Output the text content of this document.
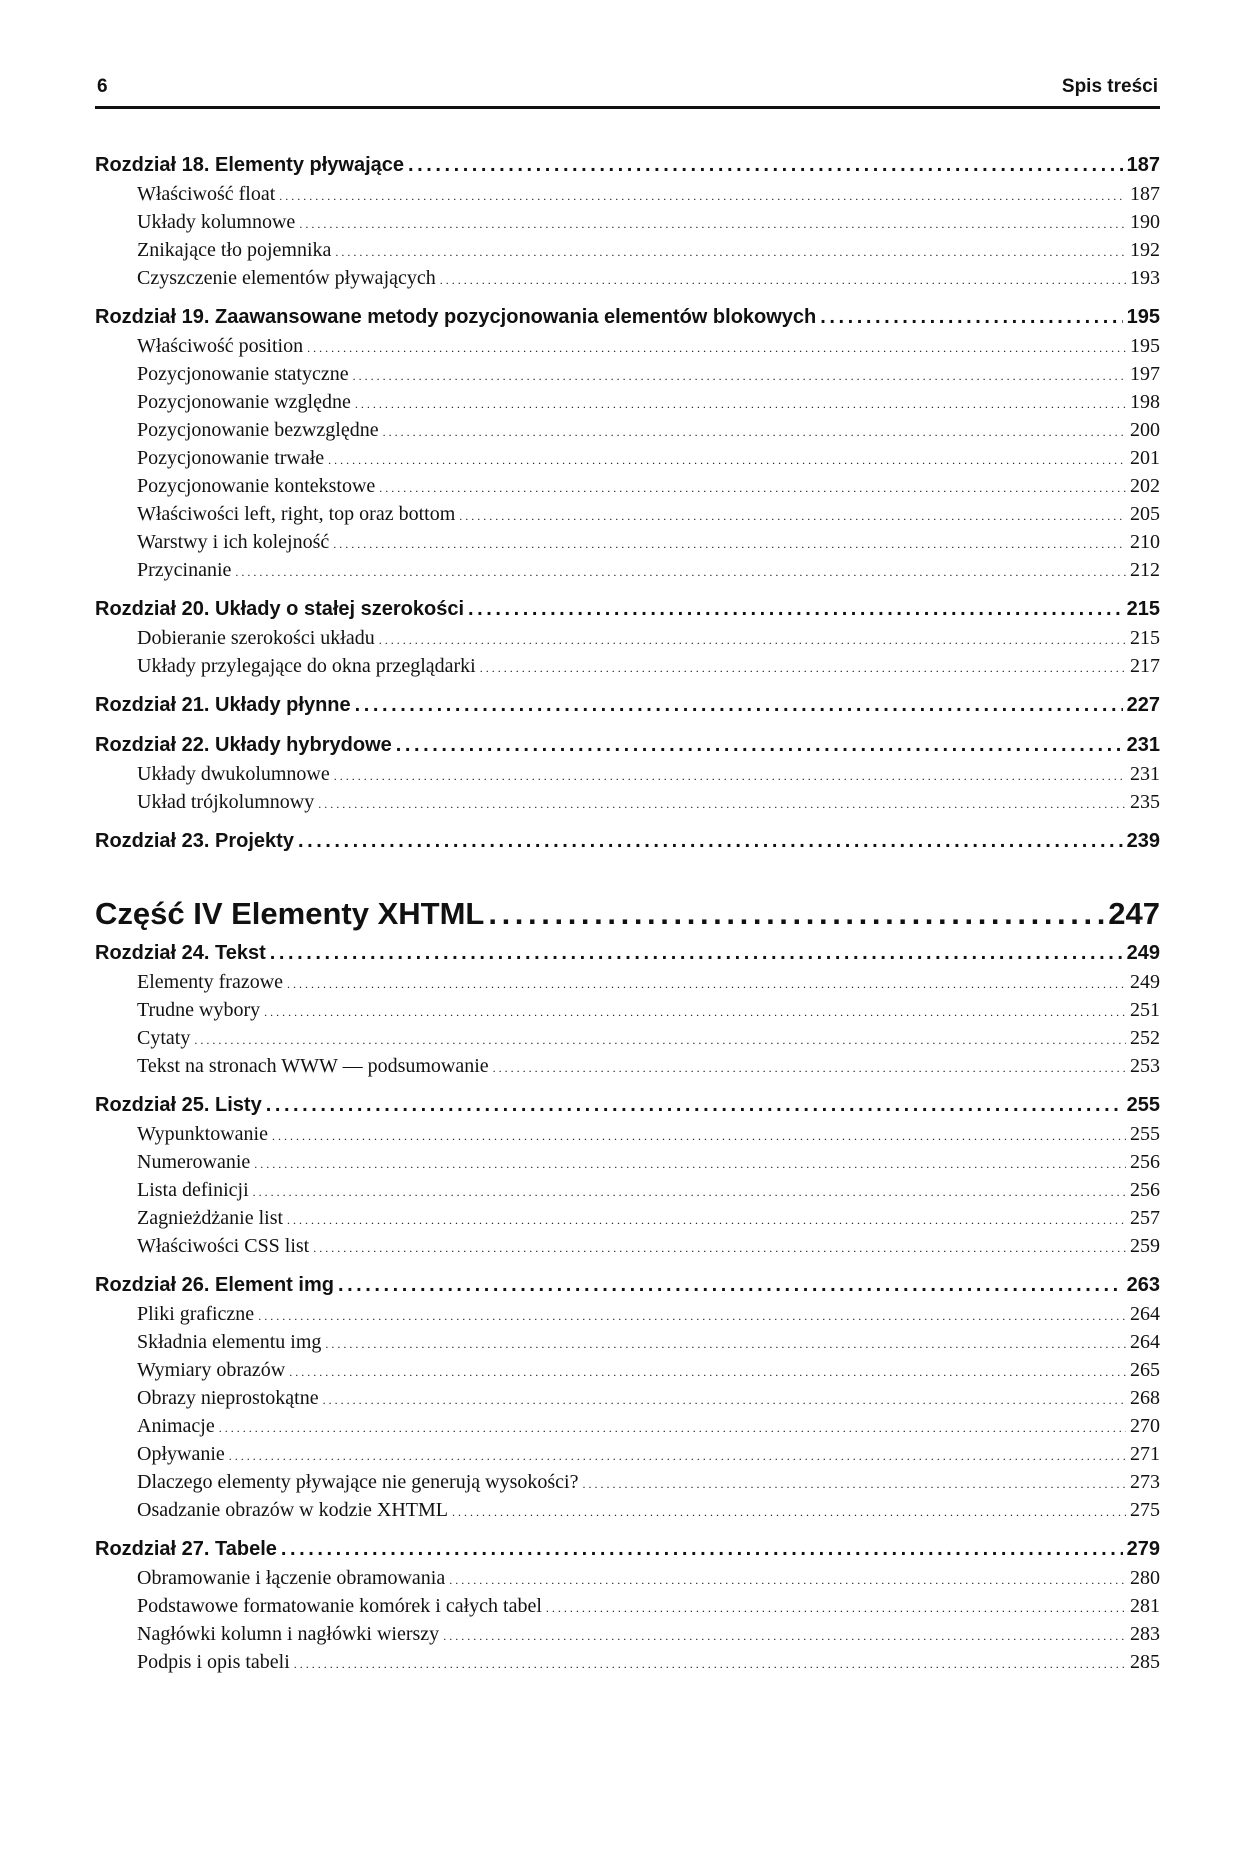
6	Spis treści
Rozdział 18. Elementy pływające . . .	187
Właściwość float . . .	187
Układy kolumnowe . . .	190
Znikające tło pojemnika . . .	192
Czyszczenie elementów pływających . . .	193
Rozdział 19. Zaawansowane metody pozycjonowania elementów blokowych . . .	195
Właściwość position . . .	195
Pozycjonowanie statyczne . . .	197
Pozycjonowanie względne . . .	198
Pozycjonowanie bezwzględne . . .	200
Pozycjonowanie trwałe . . .	201
Pozycjonowanie kontekstowe . . .	202
Właściwości left, right, top oraz bottom . . .	205
Warstwy i ich kolejność . . .	210
Przycinanie . . .	212
Rozdział 20. Układy o stałej szerokości . . .	215
Dobieranie szerokości układu . . .	215
Układy przylegające do okna przeglądarki . . .	217
Rozdział 21. Układy płynne . . .	227
Rozdział 22. Układy hybrydowe . . .	231
Układy dwukolumnowe . . .	231
Układ trójkolumnowy . . .	235
Rozdział 23. Projekty . . .	239
Część IV Elementy XHTML . . .	247
Rozdział 24. Tekst . . .	249
Elementy frazowe . . .	249
Trudne wybory . . .	251
Cytaty . . .	252
Tekst na stronach WWW — podsumowanie . . .	253
Rozdział 25. Listy . . .	255
Wypunktowanie . . .	255
Numerowanie . . .	256
Lista definicji . . .	256
Zagnieżdżanie list . . .	257
Właściwości CSS list . . .	259
Rozdział 26. Element img . . .	263
Pliki graficzne . . .	264
Składnia elementu img . . .	264
Wymiary obrazów . . .	265
Obrazy nieprostokątne . . .	268
Animacje . . .	270
Opływanie . . .	271
Dlaczego elementy pływające nie generują wysokości? . . .	273
Osadzanie obrazów w kodzie XHTML . . .	275
Rozdział 27. Tabele . . .	279
Obramowanie i łączenie obramowania . . .	280
Podstawowe formatowanie komórek i całych tabel . . .	281
Nagłówki kolumn i nagłówki wierszy . . .	283
Podpis i opis tabeli . . .	285
